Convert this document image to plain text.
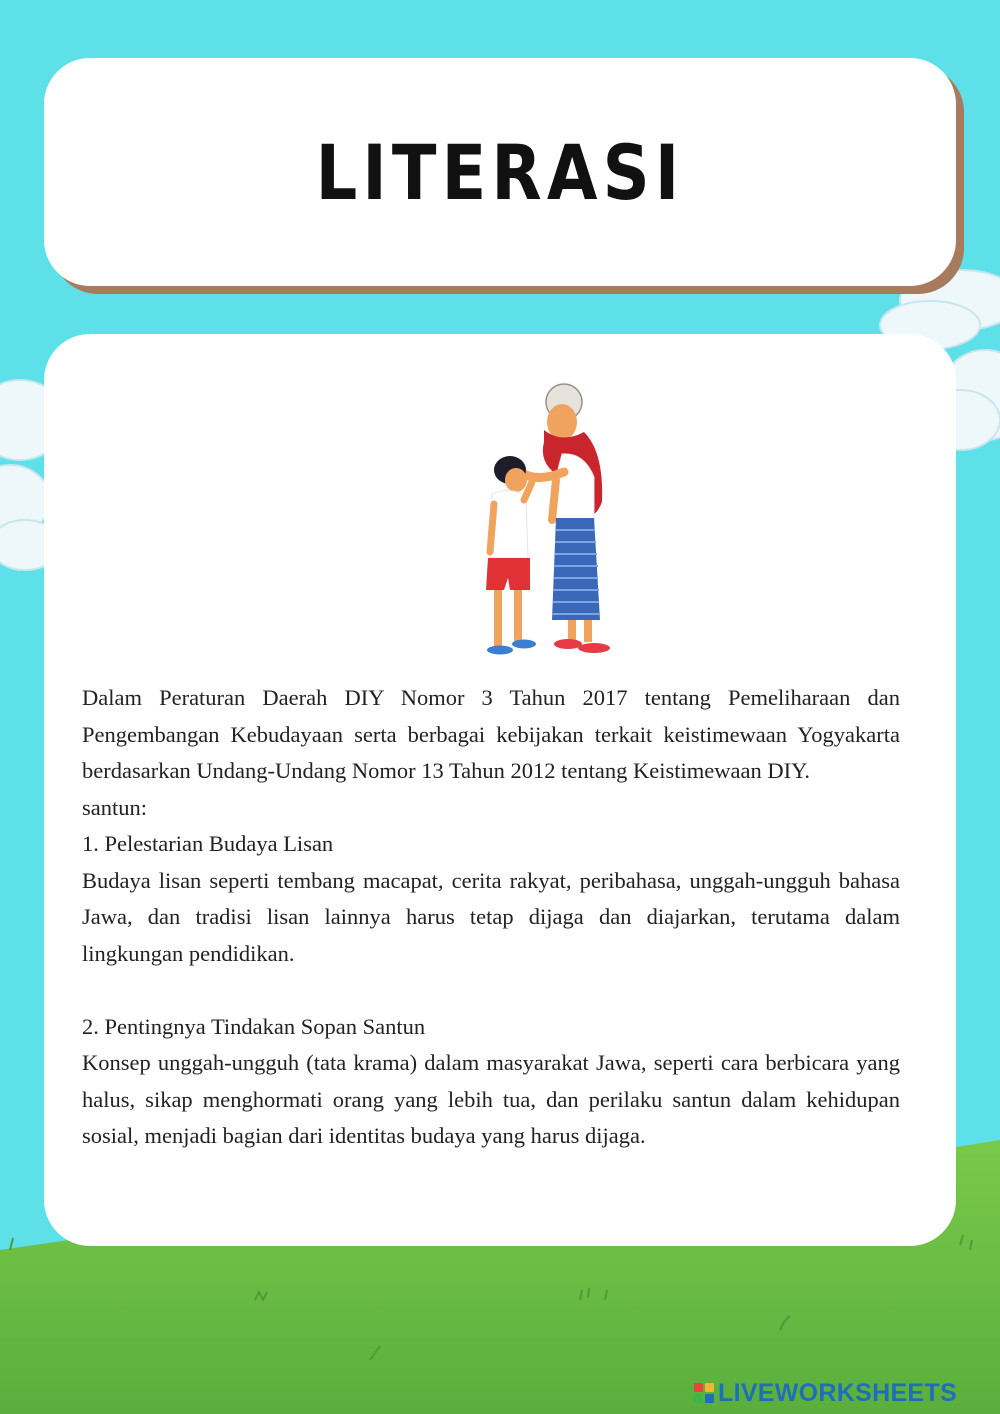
LITERASI

Dalam Peraturan Daerah DIY Nomor 3 Tahun 2017 tentang Pemeliharaan dan Pengembangan Kebudayaan serta berbagai kebijakan terkait keistimewaan Yogyakarta berdasarkan Undang-Undang Nomor 13 Tahun 2012 tentang Keistimewaan DIY.

santun:

1. Pelestarian Budaya Lisan

Budaya lisan seperti tembang macapat, cerita rakyat, peribahasa, unggah-ungguh bahasa Jawa, dan tradisi lisan lainnya harus tetap dijaga dan diajarkan, terutama dalam lingkungan pendidikan.

2. Pentingnya Tindakan Sopan Santun

Konsep unggah-ungguh (tata krama) dalam masyarakat Jawa, seperti cara berbicara yang halus, sikap menghormati orang yang lebih tua, dan perilaku santun dalam kehidupan sosial, menjadi bagian dari identitas budaya yang harus dijaga.

LIVEWORKSHEETS
